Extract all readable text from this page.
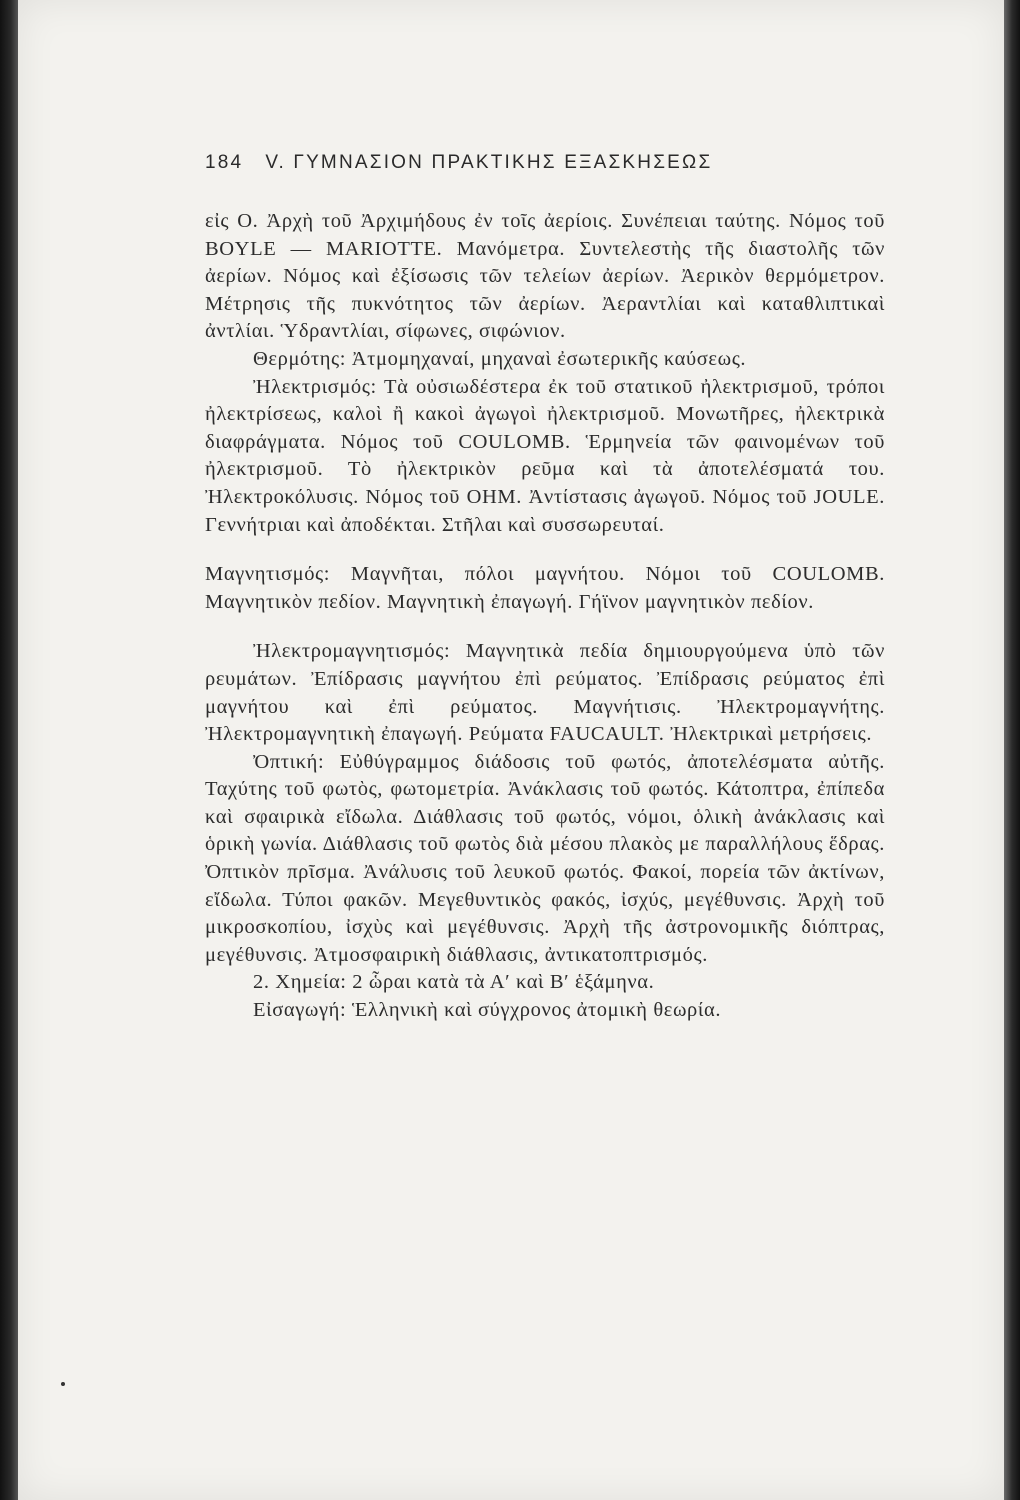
184 V. ΓΥΜΝΑΣΙΟΝ ΠΡΑΚΤΙΚΗΣ ΕΞΑΣΚΗΣΕΩΣ

εἰς Ο. Ἀρχὴ τοῦ Ἀρχιμήδους ἐν τοῖς ἀερίοις. Συνέπειαι ταύτης. Νόμος τοῦ BOYLE — MARIOTTE. Μανόμετρα. Συντελεστὴς τῆς διαστολῆς τῶν ἀερίων. Νόμος καὶ ἐξίσωσις τῶν τελείων ἀερίων. Ἀερικὸν θερμόμετρον. Μέτρησις τῆς πυκνότητος τῶν ἀερίων. Ἀεραντλίαι καὶ καταθλιπτικαὶ ἀντλίαι. Ὑδραντλίαι, σίφωνες, σιφώνιον.

Θερμότης: Ἀτμομηχαναί, μηχαναὶ ἐσωτερικῆς καύσεως.

Ἠλεκτρισμός: Τὰ οὐσιωδέστερα ἐκ τοῦ στατικοῦ ἠλεκτρισμοῦ, τρόποι ἠλεκτρίσεως, καλοὶ ἢ κακοὶ ἀγωγοὶ ἠλεκτρισμοῦ. Μονωτῆρες, ἠλεκτρικὰ διαφράγματα. Νόμος τοῦ COULOMB. Ἑρμηνεία τῶν φαινομένων τοῦ ἠλεκτρισμοῦ. Τὸ ἠλεκτρικὸν ρεῦμα καὶ τὰ ἀποτελέσματά του. Ἠλεκτροκόλυσις. Νόμος τοῦ OHM. Ἀντίστασις ἀγωγοῦ. Νόμος τοῦ JOULE. Γεννήτριαι καὶ ἀποδέκται. Στῆλαι καὶ συσσωρευταί.

Μαγνητισμός: Μαγνῆται, πόλοι μαγνήτου. Νόμοι τοῦ COULOMB. Μαγνητικὸν πεδίον. Μαγνητικὴ ἐπαγωγή. Γήϊνον μαγνητικὸν πεδίον.

Ἠλεκτρομαγνητισμός: Μαγνητικὰ πεδία δημιουργούμενα ὑπὸ τῶν ρευμάτων. Ἐπίδρασις μαγνήτου ἐπὶ ρεύματος. Ἐπίδρασις ρεύματος ἐπὶ μαγνήτου καὶ ἐπὶ ρεύματος. Μαγνήτισις. Ἠλεκτρομαγνήτης. Ἠλεκτρομαγνητικὴ ἐπαγωγή. Ρεύματα FAUCAULT. Ἠλεκτρικαὶ μετρήσεις.

Ὀπτική: Εὐθύγραμμος διάδοσις τοῦ φωτός, ἀποτελέσματα αὐτῆς. Ταχύτης τοῦ φωτὸς, φωτομετρία. Ἀνάκλασις τοῦ φωτός. Κάτοπτρα, ἐπίπεδα καὶ σφαιρικὰ εἴδωλα. Διάθλασις τοῦ φωτός, νόμοι, ὁλικὴ ἀνάκλασις καὶ ὁρικὴ γωνία. Διάθλασις τοῦ φωτὸς διὰ μέσου πλακὸς με παραλλήλους ἕδρας. Ὀπτικὸν πρῖσμα. Ἀνάλυσις τοῦ λευκοῦ φωτός. Φακοί, πορεία τῶν ἀκτίνων, εἴδωλα. Τύποι φακῶν. Μεγεθυντικὸς φακός, ἰσχύς, μεγέθυνσις. Ἀρχὴ τοῦ μικροσκοπίου, ἰσχὺς καὶ μεγέθυνσις. Ἀρχὴ τῆς ἀστρονομικῆς διόπτρας, μεγέθυνσις. Ἀτμοσφαιρικὴ διάθλασις, ἀντικατοπτρισμός.

2. Χημεία: 2 ὧραι κατὰ τὰ Α′ καὶ Β′ ἑξάμηνα.

Εἰσαγωγή: Ἑλληνικὴ καὶ σύγχρονος ἀτομικὴ θεωρία.
